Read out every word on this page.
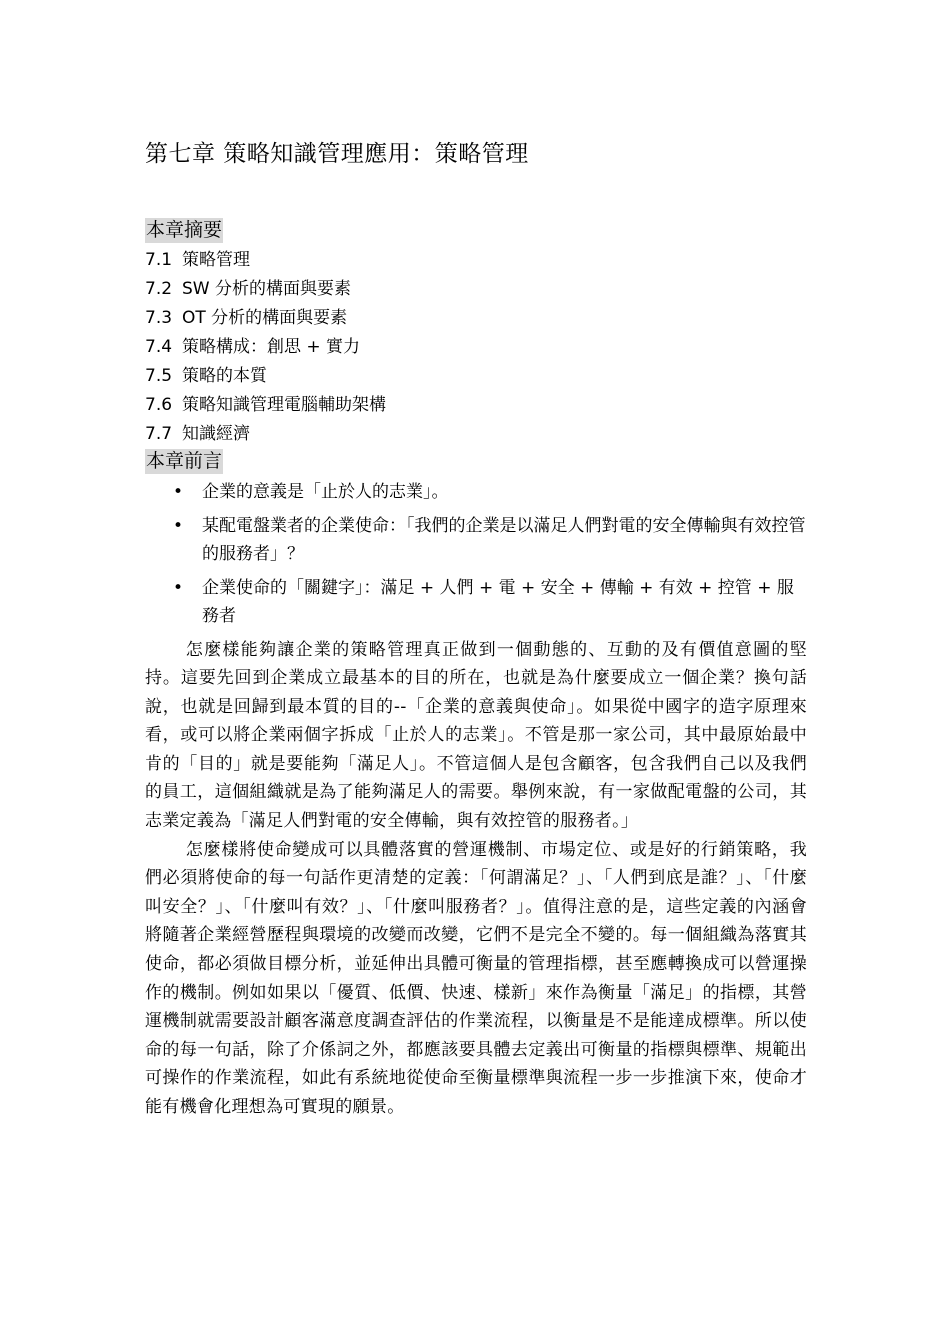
第七章 策略知識管理應用：策略管理
本章摘要
7.1 策略管理
7.2 SW 分析的構面與要素
7.3 OT 分析的構面與要素
7.4 策略構成：創思 + 實力
7.5 策略的本質
7.6 策略知識管理電腦輔助架構
7.7 知識經濟
本章前言
• 企業的意義是「止於人的志業」。
• 某配電盤業者的企業使命：「我們的企業是以滿足人們對電的安全傳輸與有效控管的服務者」？
• 企業使命的「關鍵字」：滿足 + 人們 + 電 + 安全 + 傳輸 + 有效 + 控管 + 服務者

怎麼樣能夠讓企業的策略管理真正做到一個動態的、互動的及有價值意圖的堅持。這要先回到企業成立最基本的目的所在，也就是為什麼要成立一個企業？換句話說，也就是回歸到最本質的目的--「企業的意義與使命」。如果從中國字的造字原理來看，或可以將企業兩個字拆成「止於人的志業」。不管是那一家公司，其中最原始最中肯的「目的」就是要能夠「滿足人」。不管這個人是包含顧客，包含我們自己以及我們的員工，這個組織就是為了能夠滿足人的需要。舉例來說，有一家做配電盤的公司，其志業定義為「滿足人們對電的安全傳輸，與有效控管的服務者。」

怎麼樣將使命變成可以具體落實的營運機制、市場定位、或是好的行銷策略，我們必須將使命的每一句話作更清楚的定義：「何謂滿足？」、「人們到底是誰？」、「什麼叫安全？」、「什麼叫有效？」、「什麼叫服務者？」。值得注意的是，這些定義的內涵會將隨著企業經營歷程與環境的改變而改變，它們不是完全不變的。每一個組織為落實其使命，都必須做目標分析，並延伸出具體可衡量的管理指標，甚至應轉換成可以營運操作的機制。例如如果以「優質、低價、快速、樣新」來作為衡量「滿足」的指標，其營運機制就需要設計顧客滿意度調查評估的作業流程，以衡量是不是能達成標準。所以使命的每一句話，除了介係詞之外，都應該要具體去定義出可衡量的指標與標準、規範出可操作的作業流程，如此有系統地從使命至衡量標準與流程一步一步推演下來，使命才能有機會化理想為可實現的願景。
